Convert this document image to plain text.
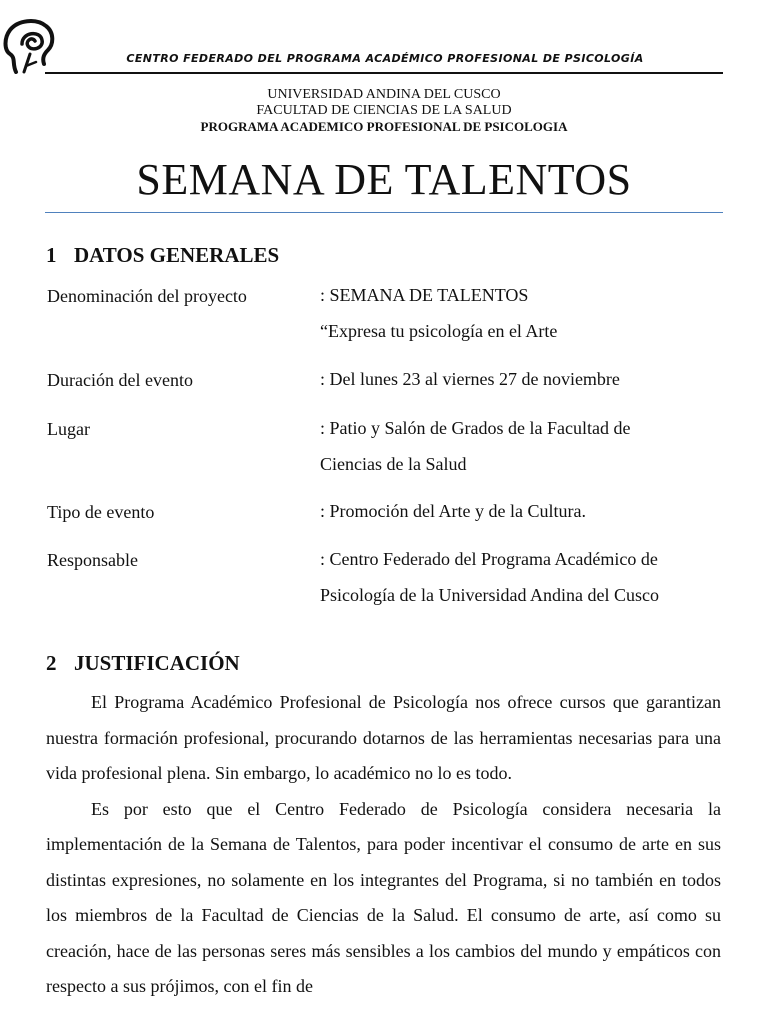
CENTRO FEDERADO DEL PROGRAMA ACADÉMICO PROFESIONAL DE PSICOLOGÍA
UNIVERSIDAD ANDINA DEL CUSCO
FACULTAD DE CIENCIAS DE LA SALUD
PROGRAMA ACADEMICO PROFESIONAL DE PSICOLOGIA
SEMANA DE TALENTOS
1 DATOS GENERALES
Denominación del proyecto	: SEMANA DE TALENTOS
“Expresa tu psicología en el Arte
Duración del evento	: Del lunes 23 al viernes 27 de noviembre
Lugar	: Patio y Salón de Grados de la Facultad de
Ciencias de la Salud
Tipo de evento	: Promoción del Arte y de la Cultura.
Responsable	: Centro Federado del Programa Académico de
Psicología de la Universidad Andina del Cusco
2 JUSTIFICACIÓN

El Programa Académico Profesional de Psicología nos ofrece cursos que garantizan nuestra formación profesional, procurando dotarnos de las herramientas necesarias para una vida profesional plena. Sin embargo, lo académico no lo es todo.

Es por esto que el Centro Federado de Psicología considera necesaria la implementación de la Semana de Talentos, para poder incentivar el consumo de arte en sus distintas expresiones, no solamente en los integrantes del Programa, si no también en todos los miembros de la Facultad de Ciencias de la Salud. El consumo de arte, así como su creación, hace de las personas seres más sensibles a los cambios del mundo y empáticos con respecto a sus prójimos, con el fin de
